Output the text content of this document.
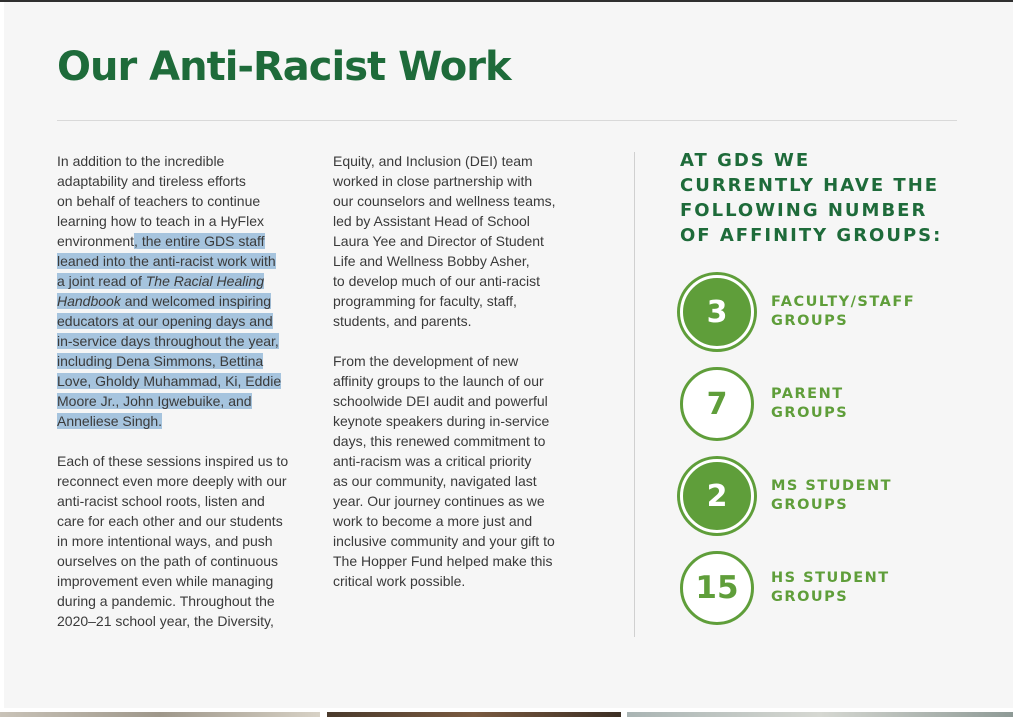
Our Anti-Racist Work

In addition to the incredible
adaptability and tireless efforts
on behalf of teachers to continue
learning how to teach in a HyFlex
environment, the entire GDS staff
leaned into the anti-racist work with
a joint read of The Racial Healing
Handbook and welcomed inspiring
educators at our opening days and
in-service days throughout the year,
including Dena Simmons, Bettina
Love, Gholdy Muhammad, Ki, Eddie
Moore Jr., John Igwebuike, and
Anneliese Singh.

Each of these sessions inspired us to
reconnect even more deeply with our
anti-racist school roots, listen and
care for each other and our students
in more intentional ways, and push
ourselves on the path of continuous
improvement even while managing
during a pandemic. Throughout the
2020–21 school year, the Diversity,

Equity, and Inclusion (DEI) team
worked in close partnership with
our counselors and wellness teams,
led by Assistant Head of School
Laura Yee and Director of Student
Life and Wellness Bobby Asher,
to develop much of our anti-racist
programming for faculty, staff,
students, and parents.

From the development of new
affinity groups to the launch of our
schoolwide DEI audit and powerful
keynote speakers during in-service
days, this renewed commitment to
anti-racism was a critical priority
as our community, navigated last
year. Our journey continues as we
work to become a more just and
inclusive community and your gift to
The Hopper Fund helped make this
critical work possible.

AT GDS WE
CURRENTLY HAVE THE
FOLLOWING NUMBER
OF AFFINITY GROUPS:
3	FACULTY/STAFF
GROUPS

7	PARENT
GROUPS

2	MS STUDENT
GROUPS

15	HS STUDENT
GROUPS
